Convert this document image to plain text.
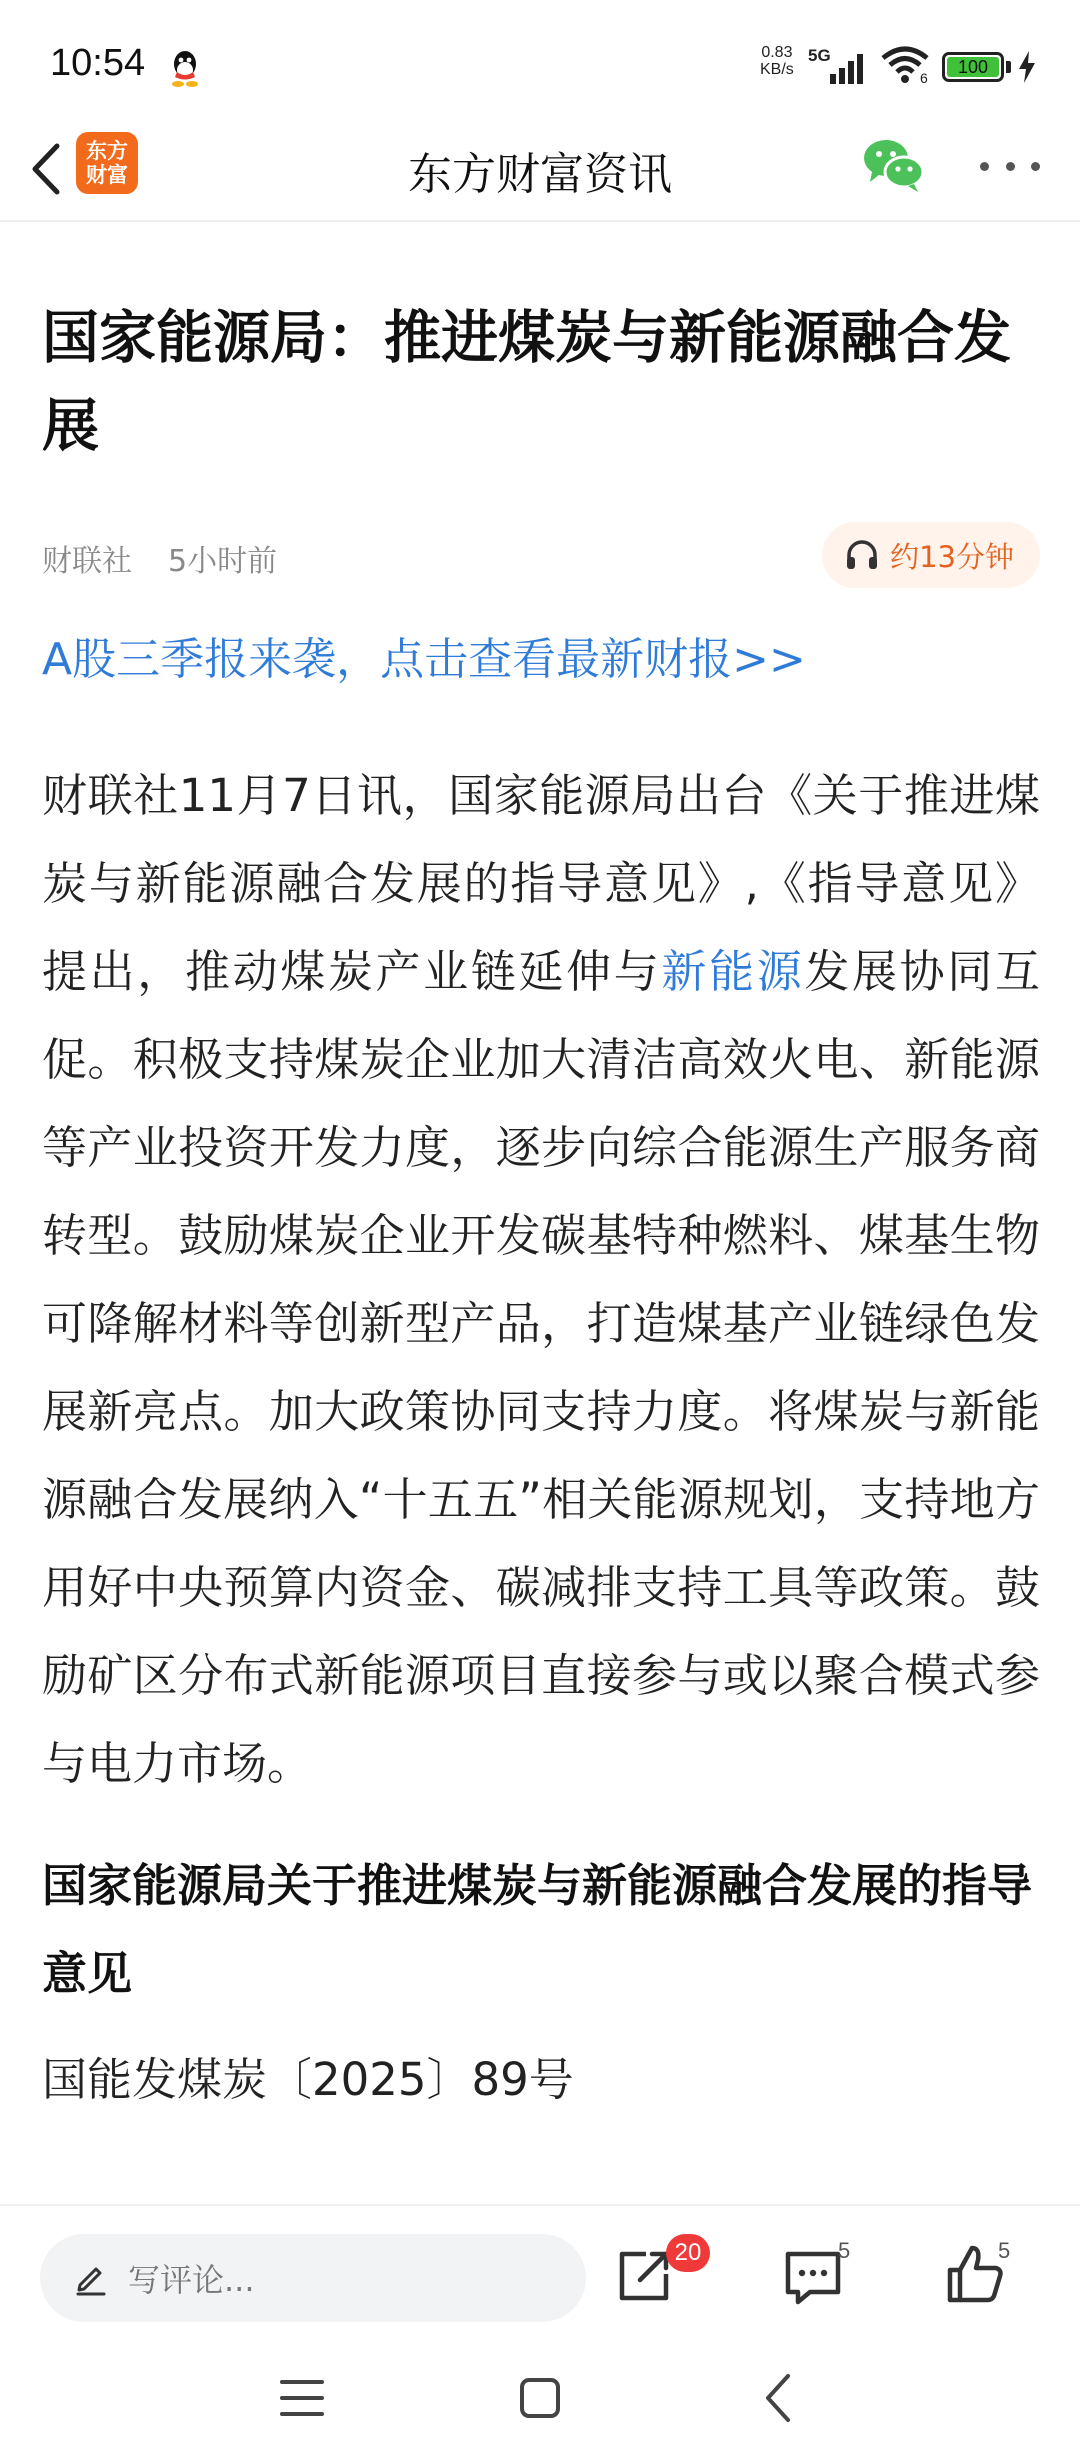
10:54	0.83
KB/s
5G
6
100
东方
财富	东方财富资讯
国家能源局：推进煤炭与新能源融合发展
财联社 5小时前	约13分钟
A股三季报来袭，点击查看最新财报>>

财联社11月7日讯，国家能源局出台《关于推进煤炭与新能源融合发展的指导意见》,《指导意见》提出，推动煤炭产业链延伸与新能源发展协同互促。积极支持煤炭企业加大清洁高效火电、新能源等产业投资开发力度，逐步向综合能源生产服务商转型。鼓励煤炭企业开发碳基特种燃料、煤基生物可降解材料等创新型产品，打造煤基产业链绿色发展新亮点。加大政策协同支持力度。将煤炭与新能源融合发展纳入“十五五”相关能源规划，支持地方用好中央预算内资金、碳减排支持工具等政策。鼓励矿区分布式新能源项目直接参与或以聚合模式参与电力市场。

国家能源局关于推进煤炭与新能源融合发展的指导意见
国能发煤炭〔2025〕89号
写评论...
20	5	5
